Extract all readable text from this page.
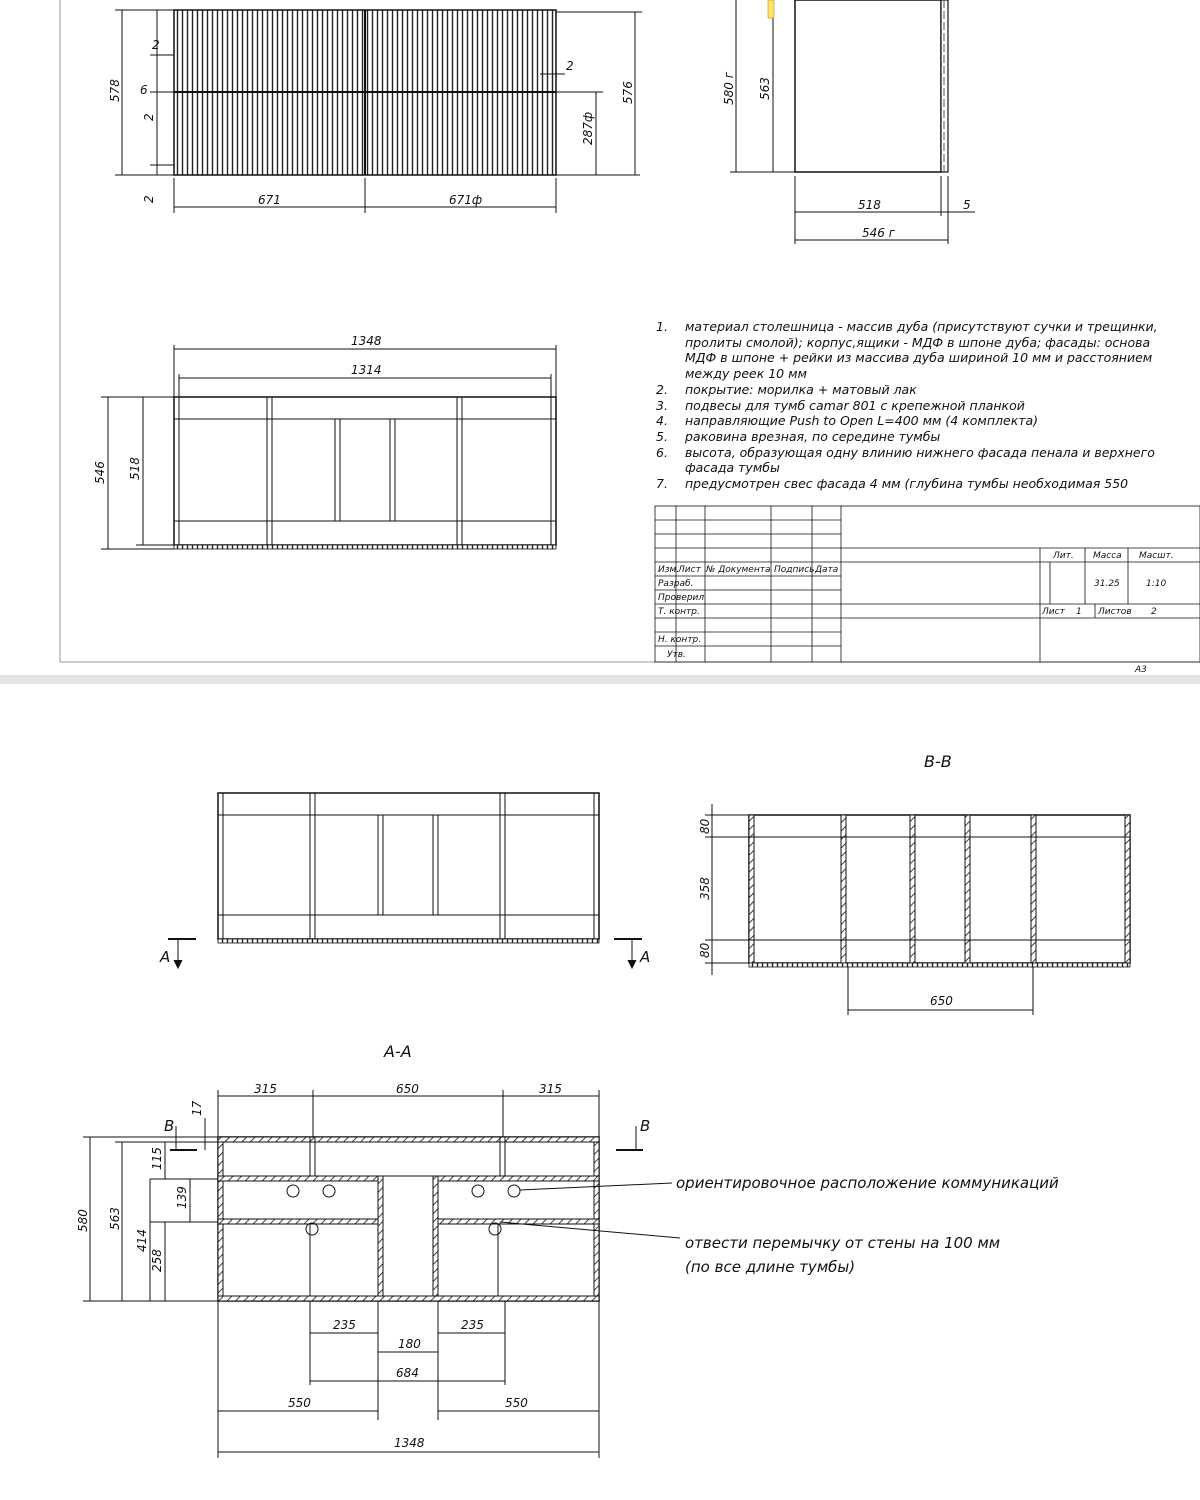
578 6
2
2
2
2
671	671ф
287ф
576	580 г 563
518	5
546 г
1348
1314
546 518
1. материал столешница - массив дуба (присутствуют сучки и трещинки,
пролиты смолой); корпус,ящики - МДФ в шпоне дуба; фасады: основа
МДФ в шпоне + рейки из массива дуба шириной 10 мм и расстоянием
между реек 10 мм
2. покрытие: морилка + матовый лак
3. подвесы для тумб camar 801 с крепежной планкой
4. направляющие Push to Open L=400 мм (4 комплекта)
5. раковина врезная, по середине тумбы
6. высота, образующая одну влинию нижнего фасада пенала и верхнего
фасада тумбы
7. предусмотрен свес фасада 4 мм (глубина тумбы необходимая 550
Изм.
Лист № Документа Подпись Дата
Разраб.
Проверил
Т. контр.
Н. контр.
Утв.
Лит. Масса Масшт.
31.25	1:10
Лист 1 Листов 2
А3
А	А
В-В
80
358
80
650
А-А
В	В
315	650	315
17
580 563
115
139
414
258
235	235
180
684
550	550
1348
ориентировочное расположение коммуникаций
отвести перемычку от стены на 100 мм
(по все длине тумбы)
